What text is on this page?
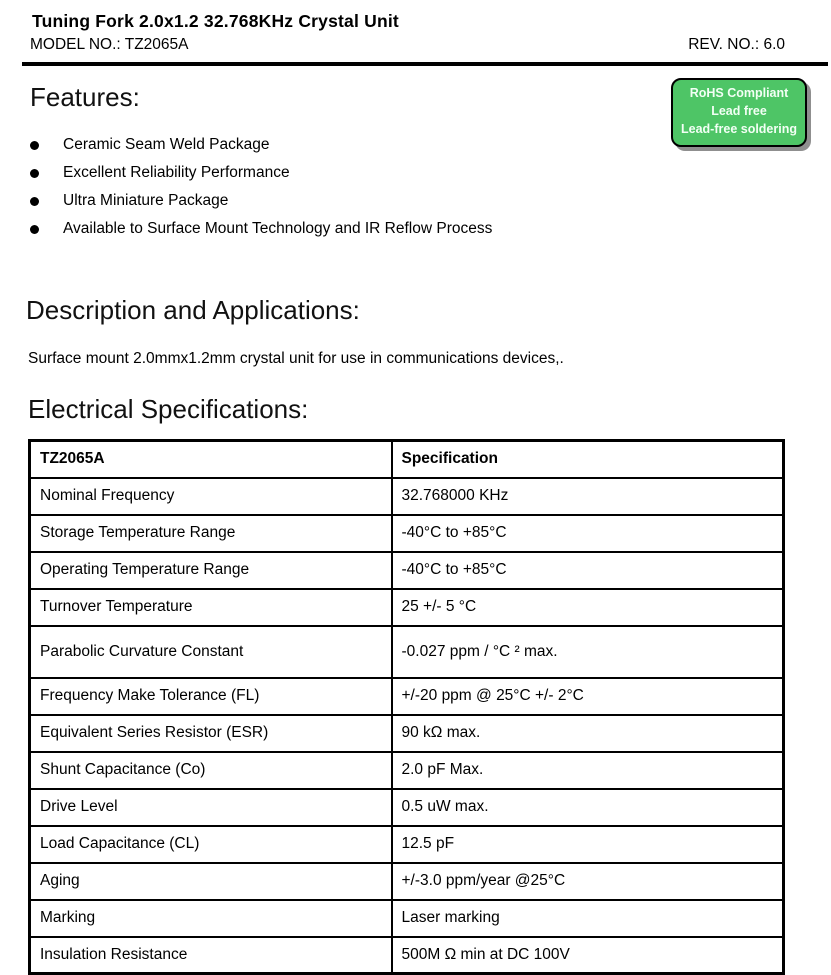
Tuning Fork 2.0x1.2 32.768KHz Crystal Unit
MODEL NO.: TZ2065A	REV. NO.: 6.0
Features:	RoHS Compliant
Lead free
Lead-free soldering
Ceramic Seam Weld Package
Excellent Reliability Performance
Ultra Miniature Package
Available to Surface Mount Technology and IR Reflow Process
Description and Applications:

Surface mount 2.0mmx1.2mm crystal unit for use in communications devices,.

Electrical Specifications:
TZ2065A	Specification
Nominal Frequency	32.768000 KHz
Storage Temperature Range	-40°C to +85°C
Operating Temperature Range	-40°C to +85°C
Turnover Temperature	25 +/- 5 °C
Parabolic Curvature Constant	-0.027 ppm / °C ² max.
Frequency Make Tolerance (FL)	+/-20 ppm @ 25°C +/- 2°C
Equivalent Series Resistor (ESR)	90 kΩ max.
Shunt Capacitance (Co)	2.0 pF Max.
Drive Level	0.5 uW max.
Load Capacitance (CL)	12.5 pF
Aging	+/-3.0 ppm/year @25°C
Marking	Laser marking
Insulation Resistance	500M Ω min at DC 100V
